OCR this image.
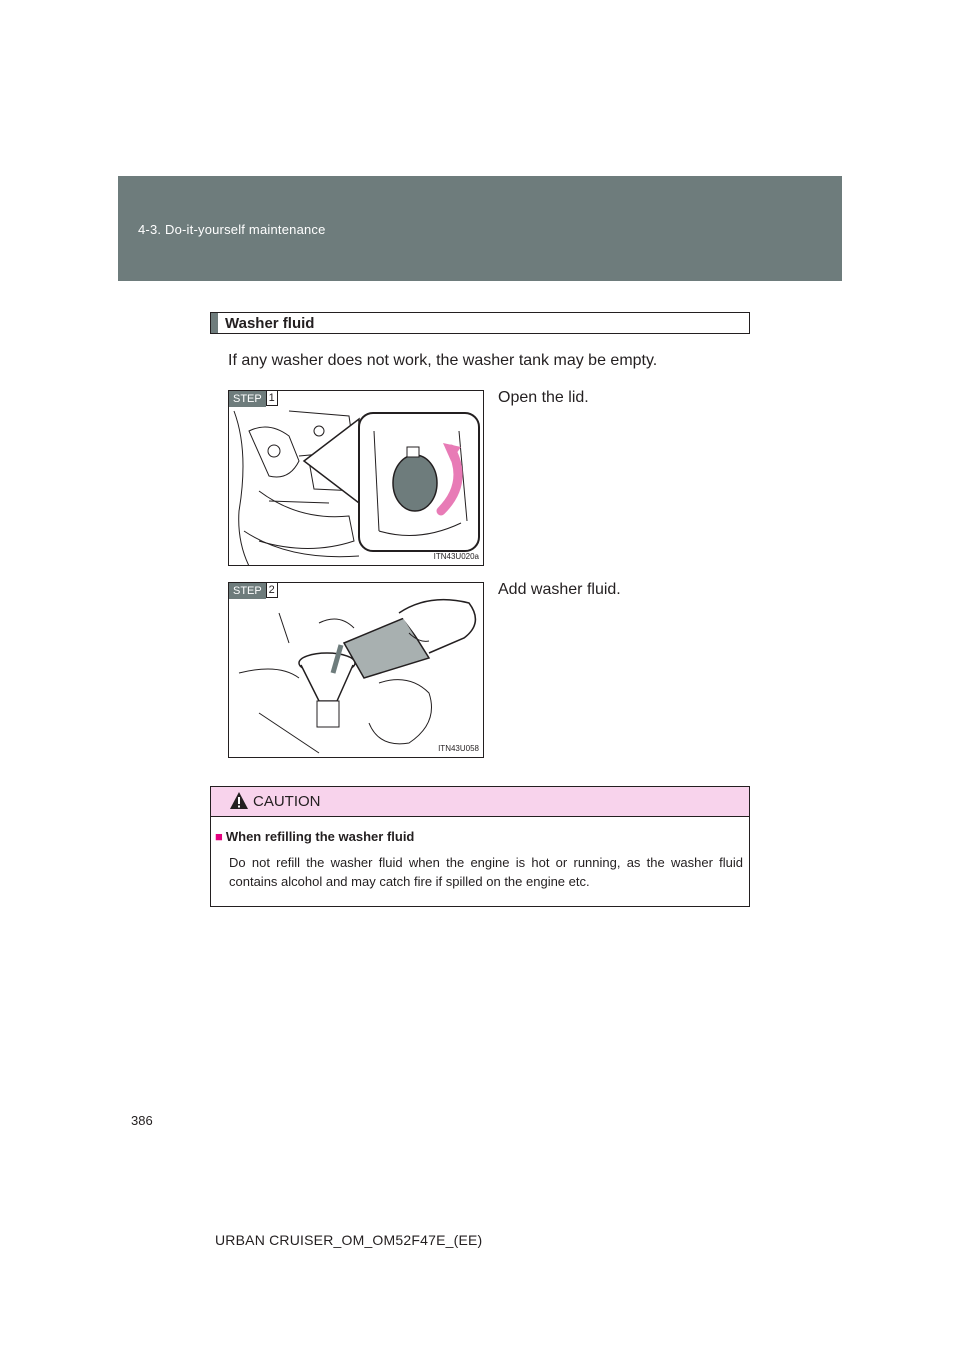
4-3. Do-it-yourself maintenance
Washer fluid
If any washer does not work, the washer tank may be empty.
STEP 1
ITN43U020a
Open the lid.
STEP 2
ITN43U058
Add washer fluid.
CAUTION
■ When refilling the washer fluid
Do not refill the washer fluid when the engine is hot or running, as the washer fluid contains alcohol and may catch fire if spilled on the engine etc.
386
URBAN CRUISER_OM_OM52F47E_(EE)
